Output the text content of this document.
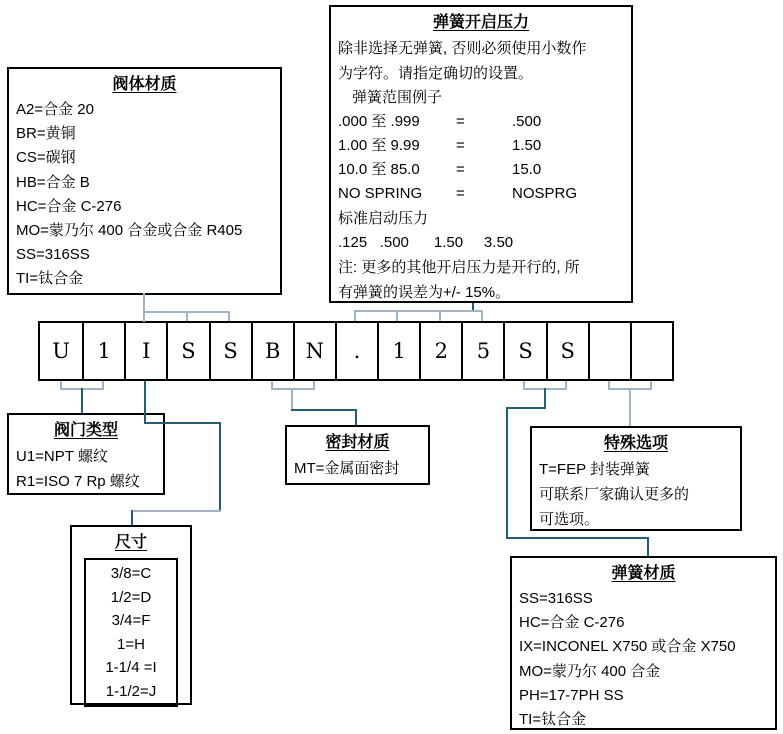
阀体材质
A2=合金 20
BR=黄铜
CS=碳钢
HB=合金 B
HC=合金 C-276
MO=蒙乃尔 400 合金或合金 R405
SS=316SS
TI=钛合金
弹簧开启压力
除非选择无弹簧, 否则必须使用小数作
为字符。请指定确切的设置。
弹簧范围例子
.000 至 .999	=	.500
1.00 至 9.99	=	1.50
10.0 至 85.0	=	15.0
NO SPRING	=	NOSPRG
标准启动压力
.125   .500      1.50     3.50
注: 更多的其他开启压力是开行的, 所
有弹簧的误差为+/- 15%。
U	1	I	S	S	B	N	.	1	2	5	S	S
阀门类型
U1=NPT 螺纹
R1=ISO 7 Rp 螺纹
密封材质
MT=金属面密封
特殊选项
T=FEP 封装弹簧
可联系厂家确认更多的
可选项。
尺寸
3/8=C
1/2=D
3/4=F
1=H
1-1/4 =I
1-1/2=J
弹簧材质
SS=316SS
HC=合金 C-276
IX=INCONEL X750 或合金 X750
MO=蒙乃尔 400 合金
PH=17-7PH SS
TI=钛合金
